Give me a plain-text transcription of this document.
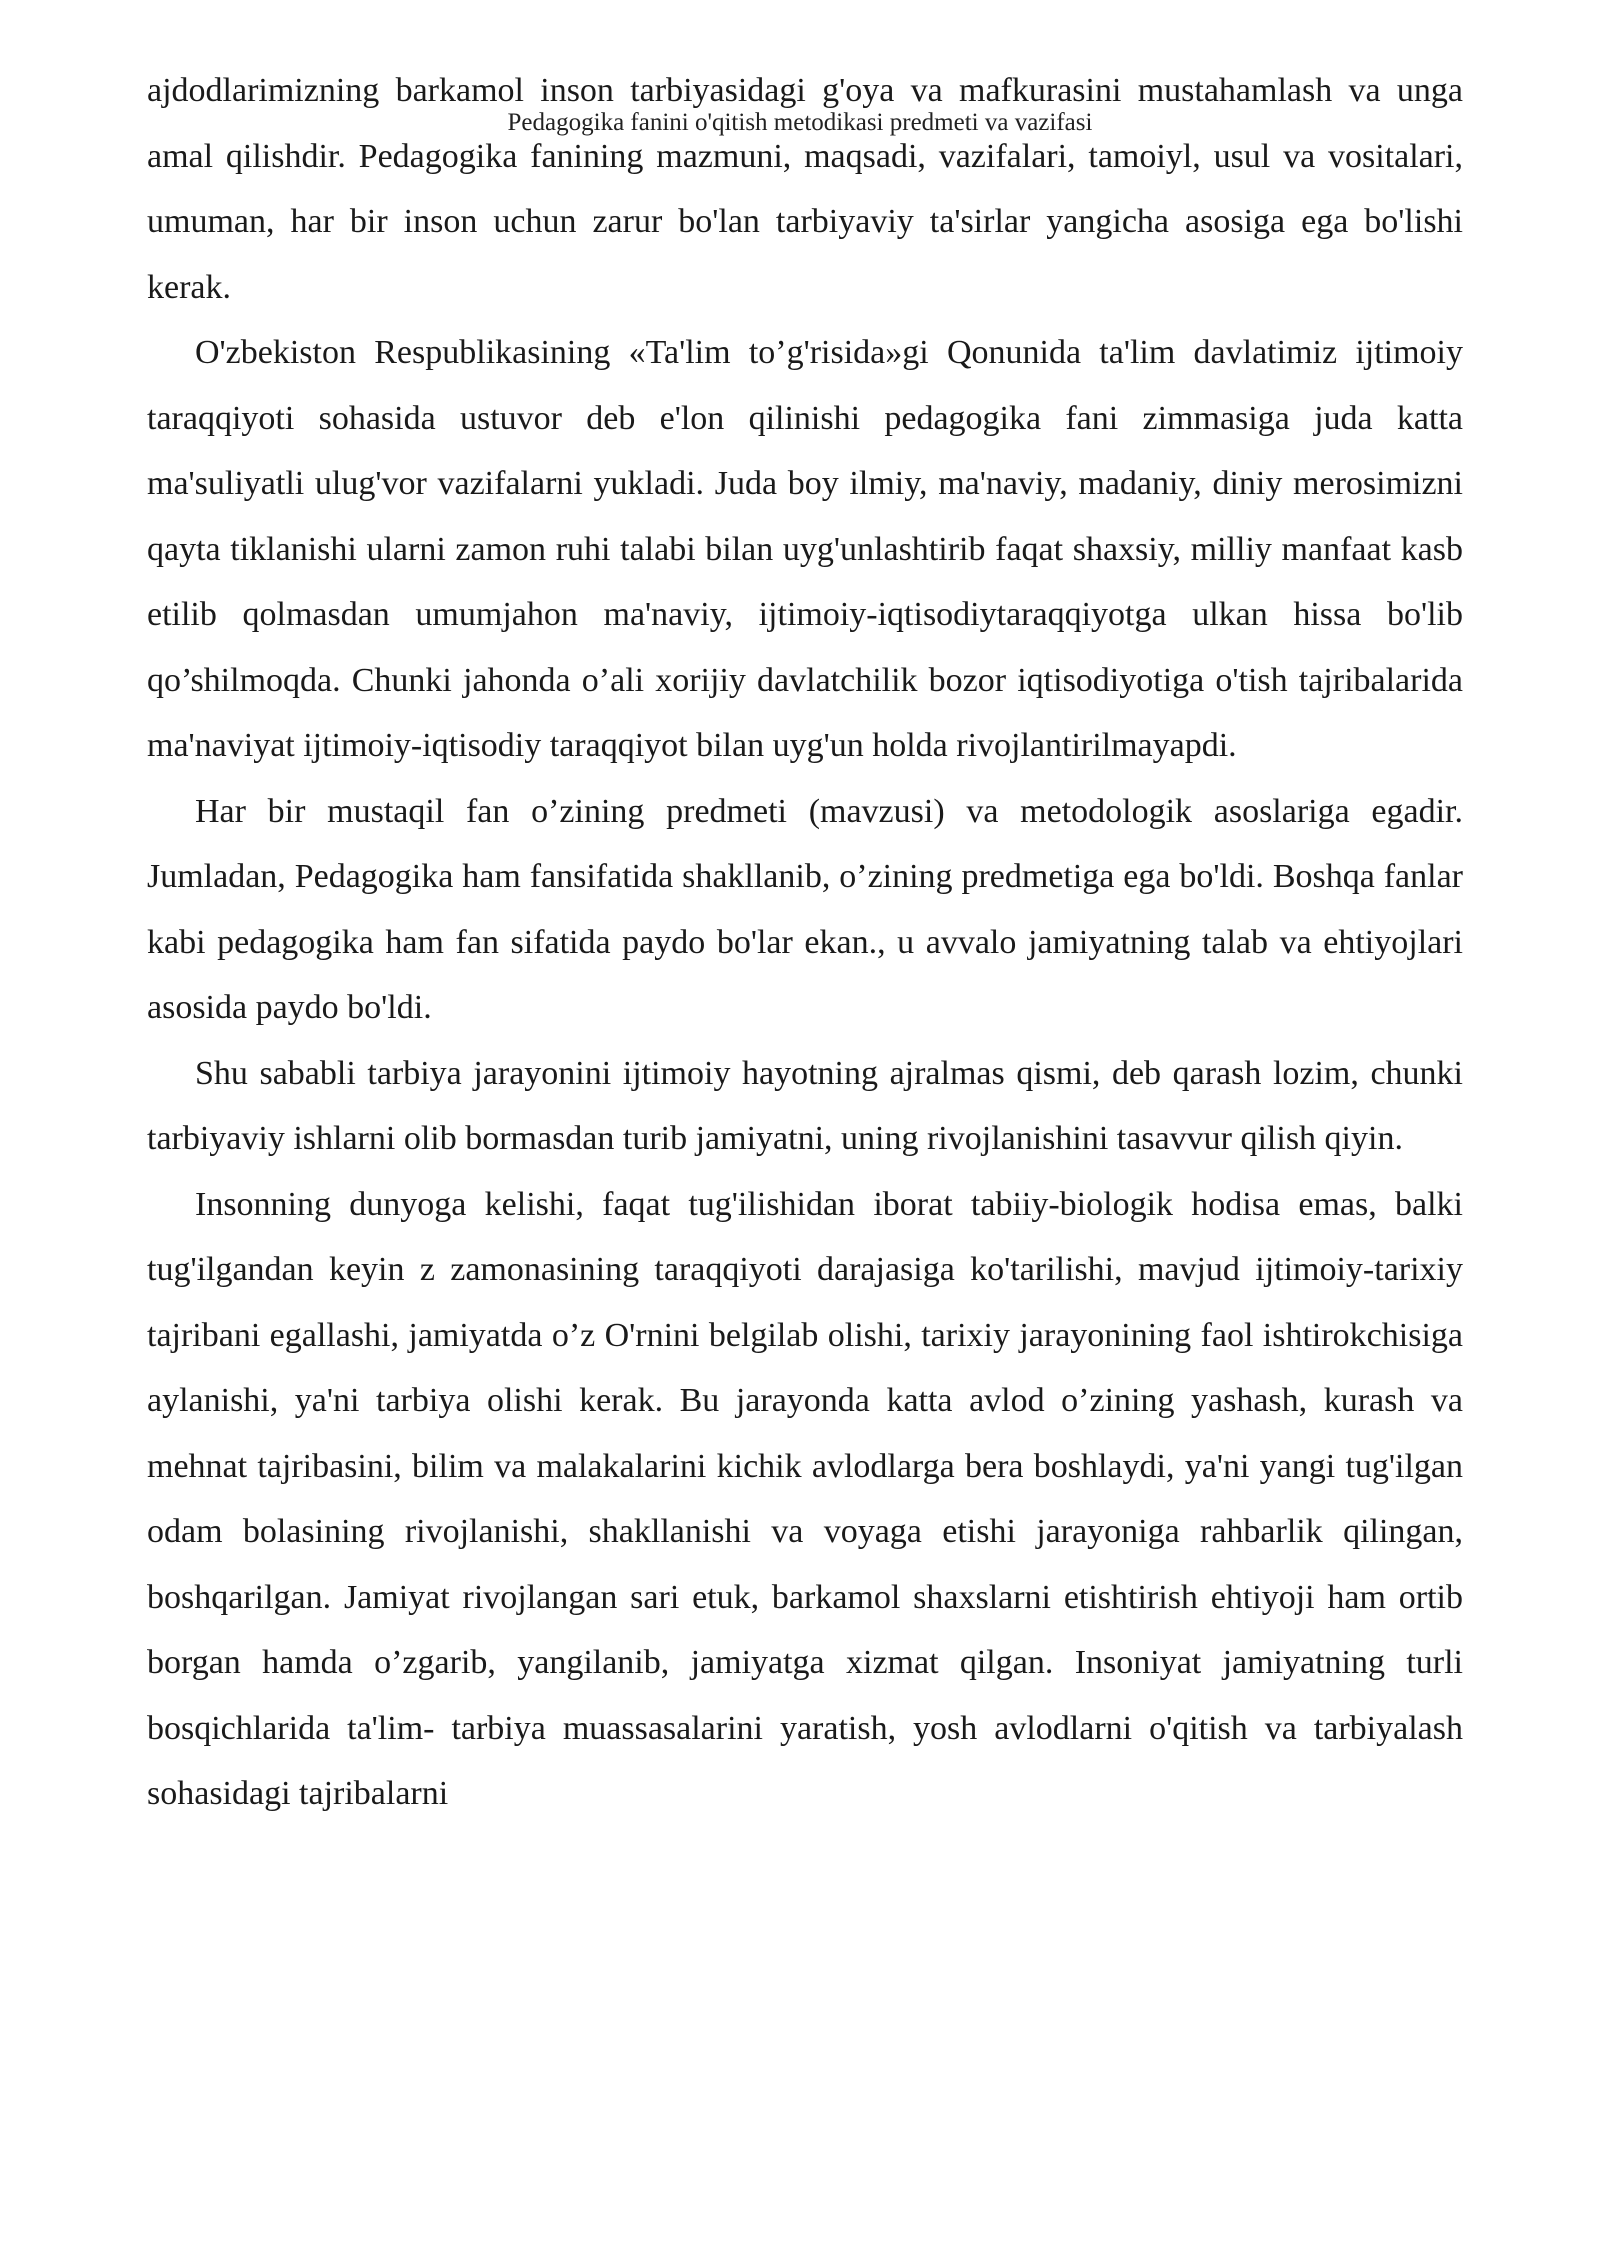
Pedagogika fanini o'qitish metodikasi predmeti va vazifasi

ajdodlarimizning barkamol inson tarbiyasidagi g'oya va mafkurasini mustahamlash va unga amal qilishdir. Pedagogika fanining mazmuni, maqsadi, vazifalari, tamoiyl, usul va vositalari, umuman, har bir inson uchun zarur bo'lan tarbiyaviy ta'sirlar yangicha asosiga ega bo'lishi kerak.

O'zbekiston Respublikasining «Ta'lim to’g'risida»gi Qonunida ta'lim davlatimiz ijtimoiy taraqqiyoti sohasida ustuvor deb e'lon qilinishi pedagogika fani zimmasiga juda katta ma'suliyatli ulug'vor vazifalarni yukladi. Juda boy ilmiy, ma'naviy, madaniy, diniy merosimizni qayta tiklanishi ularni zamon ruhi talabi bilan uyg'unlashtirib faqat shaxsiy, milliy manfaat kasb etilib qolmasdan umumjahon ma'naviy, ijtimoiy-iqtisodiytaraqqiyotga ulkan hissa bo'lib qo’shilmoqda. Chunki jahonda o’ali xorijiy davlatchilik bozor iqtisodiyotiga o'tish tajribalarida ma'naviyat ijtimoiy-iqtisodiy taraqqiyot bilan uyg'un holda rivojlantirilmayapdi.

Har bir mustaqil fan o’zining predmeti (mavzusi) va metodologik asoslariga egadir. Jumladan, Pedagogika ham fansifatida shakllanib, o’zining predmetiga ega bo'ldi. Boshqa fanlar kabi pedagogika ham fan sifatida paydo bo'lar ekan., u avvalo jamiyatning talab va ehtiyojlari asosida paydo bo'ldi.

Shu sababli tarbiya jarayonini ijtimoiy hayotning ajralmas qismi, deb qarash lozim, chunki tarbiyaviy ishlarni olib bormasdan turib jamiyatni, uning rivojlanishini tasavvur qilish qiyin.

Insonning dunyoga kelishi, faqat tug'ilishidan iborat tabiiy-biologik hodisa emas, balki tug'ilgandan keyin z zamonasining taraqqiyoti darajasiga ko'tarilishi, mavjud ijtimoiy-tarixiy tajribani egallashi, jamiyatda o’z O'rnini belgilab olishi, tarixiy jarayonining faol ishtirokchisiga aylanishi, ya'ni tarbiya olishi kerak. Bu jarayonda katta avlod o’zining yashash, kurash va mehnat tajribasini, bilim va malakalarini kichik avlodlarga bera boshlaydi, ya'ni yangi tug'ilgan odam bolasining rivojlanishi, shakllanishi va voyaga etishi jarayoniga rahbarlik qilingan, boshqarilgan. Jamiyat rivojlangan sari etuk, barkamol shaxslarni etishtirish ehtiyoji ham ortib borgan hamda o’zgarib, yangilanib, jamiyatga xizmat qilgan. Insoniyat jamiyatning turli bosqichlarida ta'lim- tarbiya muassasalarini yaratish, yosh avlodlarni o'qitish va tarbiyalash sohasidagi tajribalarni
